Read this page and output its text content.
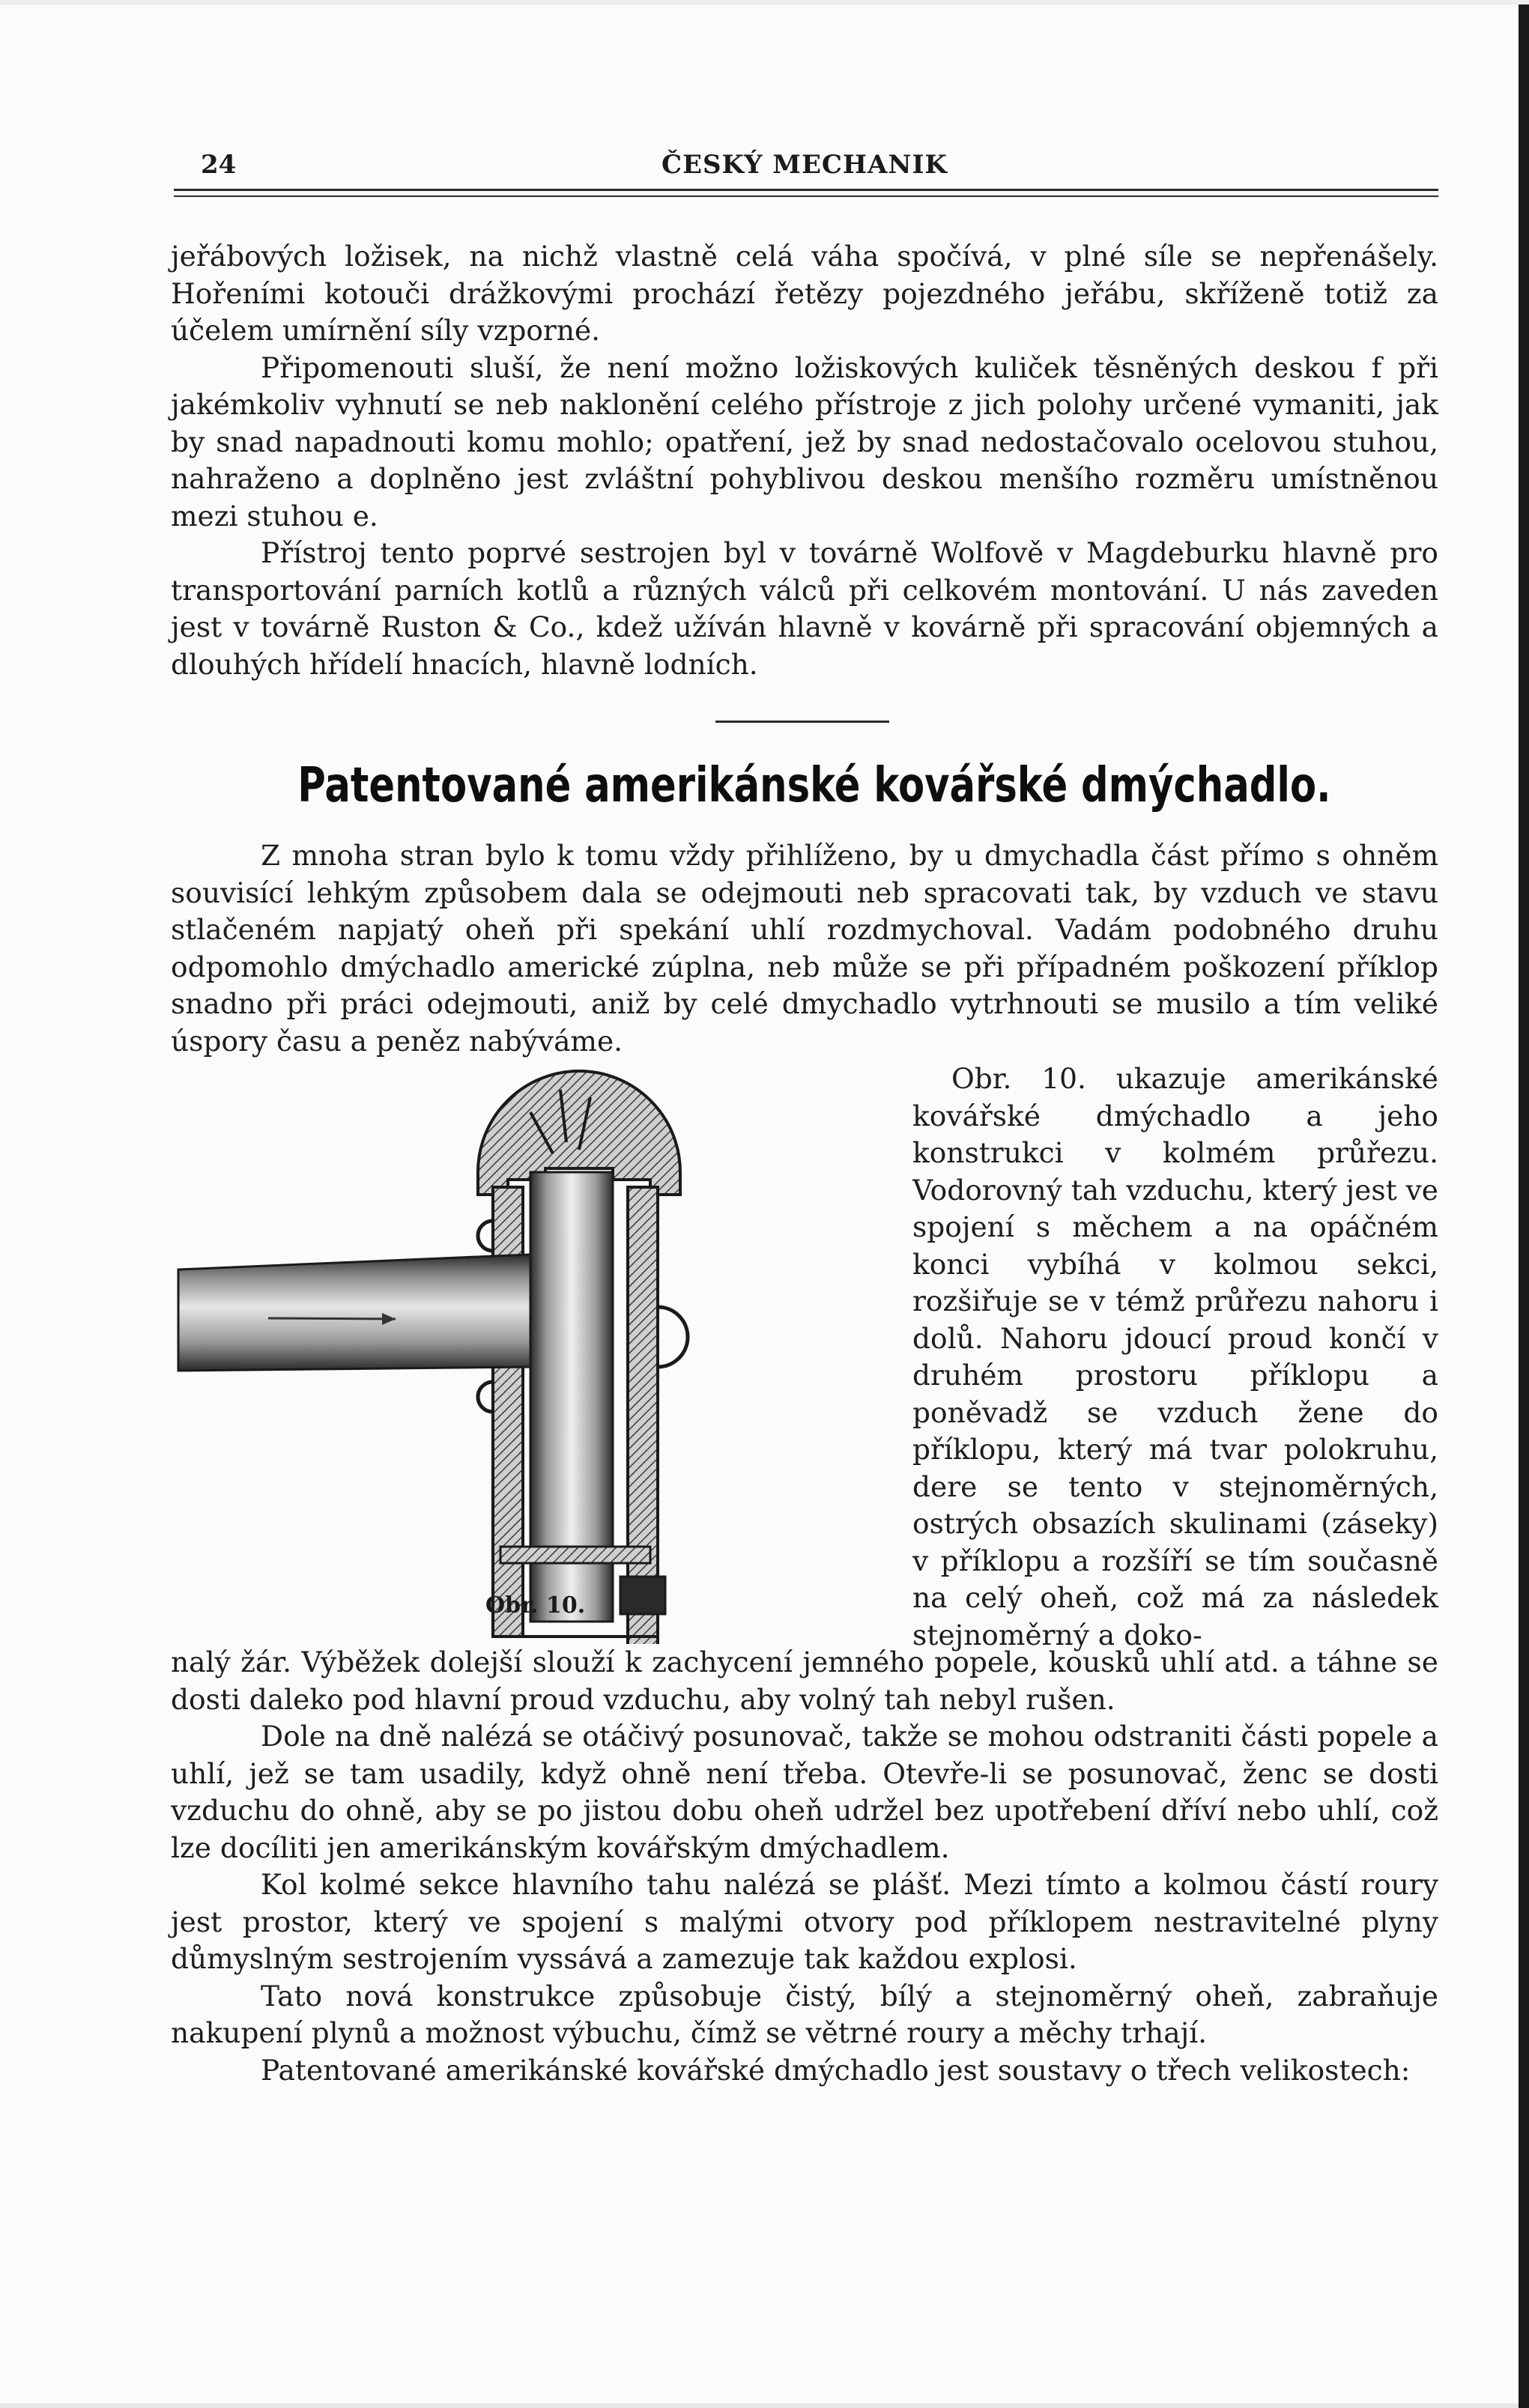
24	ČESKÝ MECHANIK

jeřábových ložisek, na nichž vlastně celá váha spočívá, v plné síle se nepřenášely. Hořeními kotouči drážkovými prochází řetězy pojezdného jeřábu, skříženě totiž za účelem umírnění síly vzporné.

Připomenouti sluší, že není možno ložiskových kuliček těsněných deskou f při jakémkoliv vyhnutí se neb naklonění celého přístroje z jich polohy určené vymaniti, jak by snad napadnouti komu mohlo; opatření, jež by snad nedostačovalo ocelovou stuhou, nahraženo a doplněno jest zvláštní pohyblivou deskou menšího rozměru umístněnou mezi stuhou e.

Přístroj tento poprvé sestrojen byl v továrně Wolfově v Magdeburku hlavně pro transportování parních kotlů a různých válců při celkovém montování. U nás zaveden jest v továrně Ruston & Co., kdež užíván hlavně v kovárně při spracování objemných a dlouhých hřídelí hnacích, hlavně lodních.

Patentované amerikánské kovářské dmýchadlo.

Z mnoha stran bylo k tomu vždy přihlíženo, by u dmychadla část přímo s ohněm souvisící lehkým způsobem dala se odejmouti neb spracovati tak, by vzduch ve stavu stlačeném napjatý oheň při spekání uhlí rozdmychoval. Vadám podobného druhu odpomohlo dmýchadlo americké zúplna, neb může se při případném poškození příklop snadno při práci odejmouti, aniž by celé dmychadlo vytrhnouti se musilo a tím veliké úspory času a peněz nabýváme.

Obr. 10.

Obr. 10. ukazuje amerikánské kovářské dmýchadlo a jeho konstrukci v kolmém průřezu. Vodorovný tah vzduchu, který jest ve spojení s měchem a na opáčném konci vybíhá v kolmou sekci, rozšiřuje se v témž průřezu nahoru i dolů. Nahoru jdoucí proud končí v druhém prostoru příklopu a poněvadž se vzduch žene do příklopu, který má tvar polokruhu, dere se tento v stejnoměrných, ostrých obsazích skulinami (záseky) v příklopu a rozšíří se tím současně na celý oheň, což má za následek stejnoměrný a doko-

nalý žár. Výběžek dolejší slouží k zachycení jemného popele, kousků uhlí atd. a táhne se dosti daleko pod hlavní proud vzduchu, aby volný tah nebyl rušen.

Dole na dně nalézá se otáčivý posunovač, takže se mohou odstraniti části popele a uhlí, jež se tam usadily, když ohně není třeba. Otevře-li se posunovač, ženc se dosti vzduchu do ohně, aby se po jistou dobu oheň udržel bez upotřebení dříví nebo uhlí, což lze docíliti jen amerikánským kovářským dmýchadlem.

Kol kolmé sekce hlavního tahu nalézá se plášť. Mezi tímto a kolmou částí roury jest prostor, který ve spojení s malými otvory pod příklopem nestravitelné plyny důmyslným sestrojením vyssává a zamezuje tak každou explosi.

Tato nová konstrukce způsobuje čistý, bílý a stejnoměrný oheň, zabraňuje nakupení plynů a možnost výbuchu, čímž se větrné roury a měchy trhají.

Patentované amerikánské kovářské dmýchadlo jest soustavy o třech velikostech:
